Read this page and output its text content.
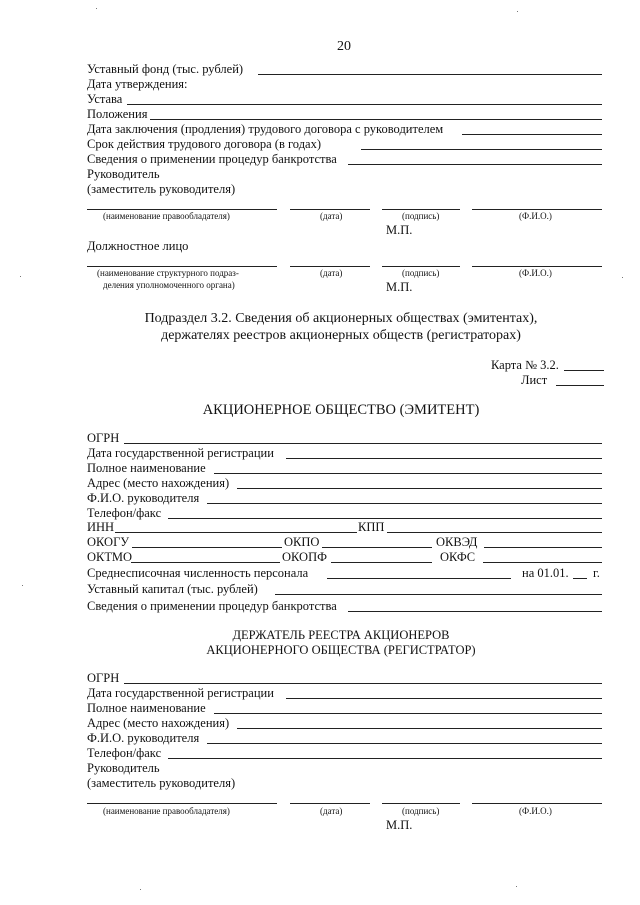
20
Уставный фонд (тыс. рублей)
Дата утверждения:
Устава
Положения
Дата заключения (продления) трудового договора с руководителем
Срок действия трудового договора (в годах)
Сведения о применении процедур банкротства
Руководитель
(заместитель руководителя)
(наименование правообладателя)	(дата)	(подпись)	(Ф.И.О.)
М.П.
Должностное лицо
(наименование структурного подраз-
деления уполномоченного органа)
(дата)	(подпись)	(Ф.И.О.)
М.П.
Подраздел 3.2. Сведения об акционерных обществах (эмитентах),
держателях реестров акционерных обществ (регистраторах)
Карта № 3.2.
Лист
АКЦИОНЕРНОЕ ОБЩЕСТВО (ЭМИТЕНТ)
ОГРН
Дата государственной регистрации
Полное наименование
Адрес (место нахождения)
Ф.И.О. руководителя
Телефон/факс
ИНН	КПП
ОКОГУ	ОКПО	ОКВЭД
ОКТМО	ОКОПФ	ОКФС
Среднесписочная численность персонала	на 01.01. г.
Уставный капитал (тыс. рублей)
Сведения о применении процедур банкротства
ДЕРЖАТЕЛЬ РЕЕСТРА АКЦИОНЕРОВ
АКЦИОНЕРНОГО ОБЩЕСТВА (РЕГИСТРАТОР)
ОГРН
Дата государственной регистрации
Полное наименование
Адрес (место нахождения)
Ф.И.О. руководителя
Телефон/факс
Руководитель
(заместитель руководителя)
(наименование правообладателя)	(дата)	(подпись)	(Ф.И.О.)
М.П.
